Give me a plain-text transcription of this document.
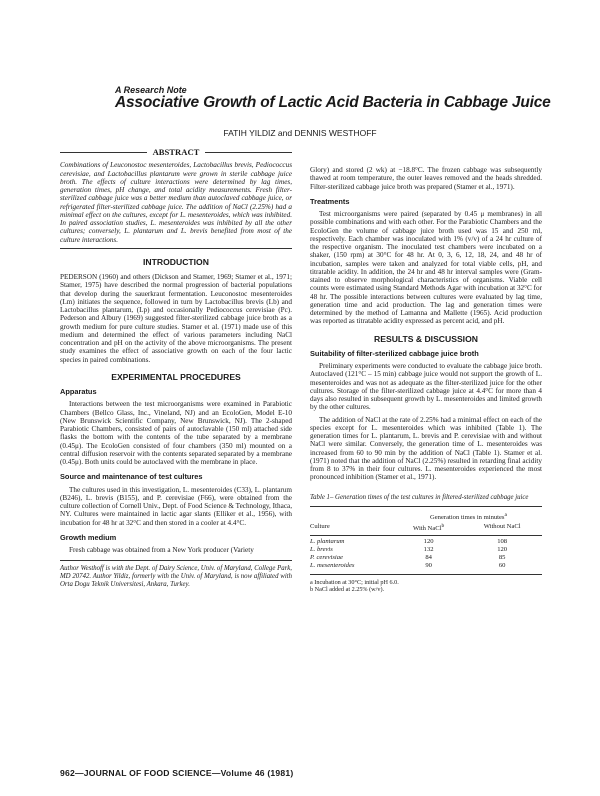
A Research Note
Associative Growth of Lactic Acid Bacteria in Cabbage Juice
FATIH YILDIZ and DENNIS WESTHOFF
ABSTRACT

Combinations of Leuconostoc mesenteroides, Lactobacillus brevis, Pediococcus cerevisiae, and Lactobacillus plantarum were grown in sterile cabbage juice broth. The effects of culture interactions were determined by lag times, generation times, pH change, and total acidity measurements. Fresh filter-sterilized cabbage juice was a better medium than autoclaved cabbage juice, or refrigerated filter-sterilized cabbage juice. The addition of NaCl (2.25%) had a minimal effect on the cultures, except for L. mesenteroides, which was inhibited. In paired association studies, L. mesenteroides was inhibited by all the other cultures; conversely, L. plantarum and L. brevis benefited from most of the culture interactions.

INTRODUCTION

PEDERSON (1960) and others (Dickson and Stamer, 1969; Stamer et al., 1971; Stamer, 1975) have described the normal progression of bacterial populations that develop during the sauerkraut fermentation. Leuconostoc mesenteroides (Lm) initiates the sequence, followed in turn by Lactobacillus brevis (Lb) and Lactobacillus plantarum, (Lp) and occasionally Pediococcus cerevisiae (Pc). Pederson and Albury (1969) suggested filter-sterilized cabbage juice broth as a growth medium for pure culture studies. Stamer et al. (1971) made use of this medium and determined the effect of various parameters including NaCl concentration and pH on the activity of the above microorganisms. The present study examines the effect of associative growth on each of the four lactic species in paired combinations.

EXPERIMENTAL PROCEDURES
Apparatus

Interactions between the test microorganisms were examined in Parabiotic Chambers (Bellco Glass, Inc., Vineland, NJ) and an EcoloGen, Model E-10 (New Brunswick Scientific Company, New Brunswick, NJ). The 2-shaped Parabiotic Chambers, consisted of pairs of autoclavable (150 ml) attached side flasks the bottom with the contents of the tube separated by a membrane (0.45μ). The EcoloGen consisted of four chambers (350 ml) mounted on a central diffusion reservoir with the contents separated separated by a membrane (0.45μ). Both units could be autoclaved with the membrane in place.

Source and maintenance of test cultures

The cultures used in this investigation, L. mesenteroides (C33), L. plantarum (B246), L. brevis (B155), and P. cerevisiae (F66), were obtained from the culture collection of Cornell Univ., Dept. of Food Science & Technology, Ithaca, NY. Cultures were maintained in lactic agar slants (Elliker et al., 1956), with incubation for 48 hr at 32°C and then stored in a cooler at 4.4°C.

Growth medium

Fresh cabbage was obtained from a New York producer (Variety

Author Westhoff is with the Dept. of Dairy Science, Univ. of Maryland, College Park, MD 20742. Author Yildiz, formerly with the Univ. of Maryland, is now affiliated with Orta Dogu Teknik Universitesi, Ankara, Turkey.

Glory) and stored (2 wk) at −18.8°C. The frozen cabbage was subsequently thawed at room temperature, the outer leaves removed and the heads shredded. Filter-sterilized cabbage juice broth was prepared (Stamer et al., 1971).

Treatments

Test microorganisms were paired (separated by 0.45 μ membranes) in all possible combinations and with each other. For the Parabiotic Chambers and the EcoloGen the volume of cabbage juice broth used was 15 and 250 ml, respectively. Each chamber was inoculated with 1% (v/v) of a 24 hr culture of the respective organism. The inoculated test chambers were incubated on a shaker, (150 rpm) at 30°C for 48 hr. At 0, 3, 6, 12, 18, 24, and 48 hr of incubation, samples were taken and analyzed for total viable cells, pH, and titratable acidity. In addition, the 24 hr and 48 hr interval samples were (Gram-stained to observe morphological characteristics of organisms. Viable cell counts were estimated using Standard Methods Agar with incubation at 32°C for 48 hr. The possible interactions between cultures were evaluated by lag time, generation time and acid production. The lag and generation times were determined by the method of Lamanna and Mallette (1965). Acid production was reported as titratable acidity expressed as percent acid, and pH.

RESULTS & DISCUSSION
Suitability of filter-sterilized cabbage juice broth

Preliminary experiments were conducted to evaluate the cabbage juice broth. Autoclaved (121°C – 15 min) cabbage juice would not support the growth of L. mesenteroides and was not as adequate as the filter-sterilized juice for the other cultures. Storage of the filter-sterilized cabbage juice at 4.4°C for more than 4 days also resulted in subsequent growth by L. mesenteroides and limited growth by the other cultures.

The addition of NaCl at the rate of 2.25% had a minimal effect on each of the species except for L. mesenteroides which was inhibited (Table 1). The generation times for L. plantarum, L. brevis and P. cerevisiae with and without NaCl were similar. Conversely, the generation time of L. mesenteroides was increased from 60 to 90 min by the addition of NaCl (Table 1). Stamer et al. (1971) noted that the addition of NaCl (2.25%) resulted in retarding final acidity from 8 to 37% in their four cultures. L. mesenteroides experienced the most pronounced inhibition (Stamer et al., 1971).

Table 1– Generation times of the test cultures in filtered-sterilized cabbage juice
	Generation times in minutes$^a$
Culture	With NaCl$^b$	Without NaCl

L. plantarum	120	108
L. brevis	132	120
P. cerevisiae	84	85
L. mesenteroides	90	60
a Incubation at 30°C; initial pH 6.0.
b NaCl added at 2.25% (w/v).
962—JOURNAL OF FOOD SCIENCE—Volume 46 (1981)
